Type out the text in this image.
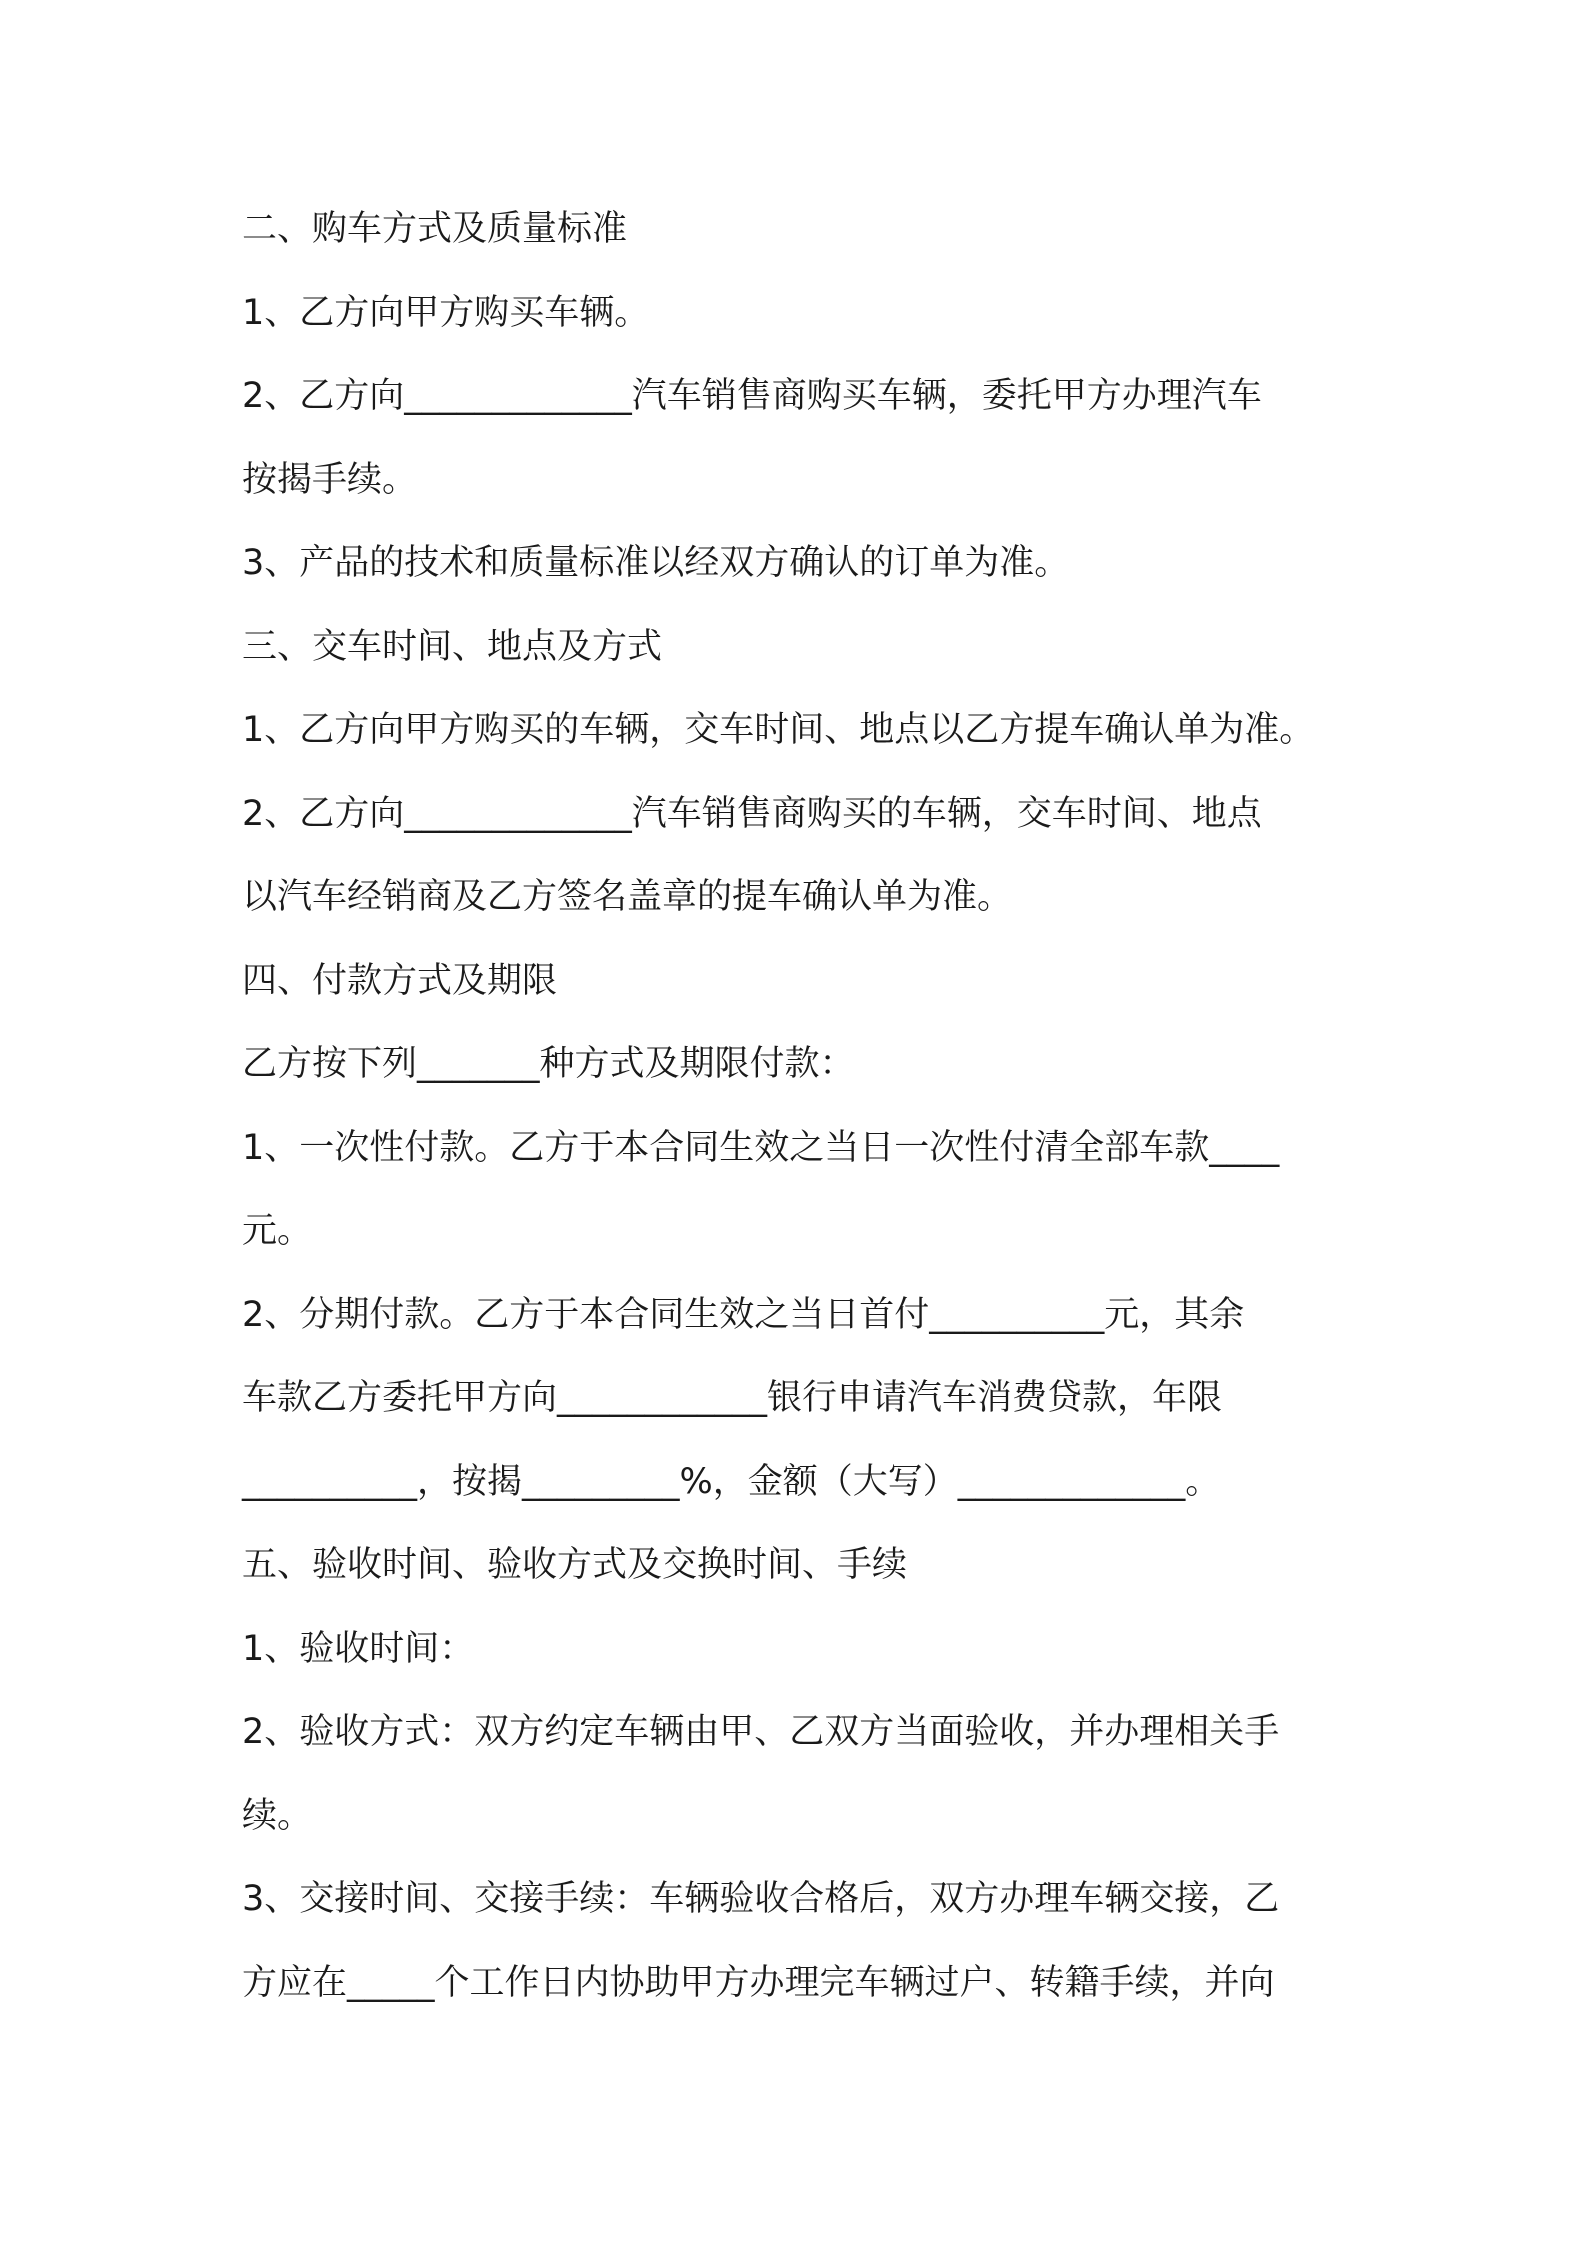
二、购车方式及质量标准
1、乙方向甲方购买车辆。
2、乙方向_____________汽车销售商购买车辆，委托甲方办理汽车
按揭手续。
3、产品的技术和质量标准以经双方确认的订单为准。
三、交车时间、地点及方式
1、乙方向甲方购买的车辆，交车时间、地点以乙方提车确认单为准。
2、乙方向_____________汽车销售商购买的车辆，交车时间、地点
以汽车经销商及乙方签名盖章的提车确认单为准。
四、付款方式及期限
乙方按下列_______种方式及期限付款：
1、一次性付款。乙方于本合同生效之当日一次性付清全部车款____
元。
2、分期付款。乙方于本合同生效之当日首付__________元，其余
车款乙方委托甲方向____________银行申请汽车消费贷款，年限
__________，按揭_________%，金额（大写）_____________。
五、验收时间、验收方式及交换时间、手续
1、验收时间：
2、验收方式：双方约定车辆由甲、乙双方当面验收，并办理相关手
续。
3、交接时间、交接手续：车辆验收合格后，双方办理车辆交接，乙
方应在_____个工作日内协助甲方办理完车辆过户、转籍手续，并向
